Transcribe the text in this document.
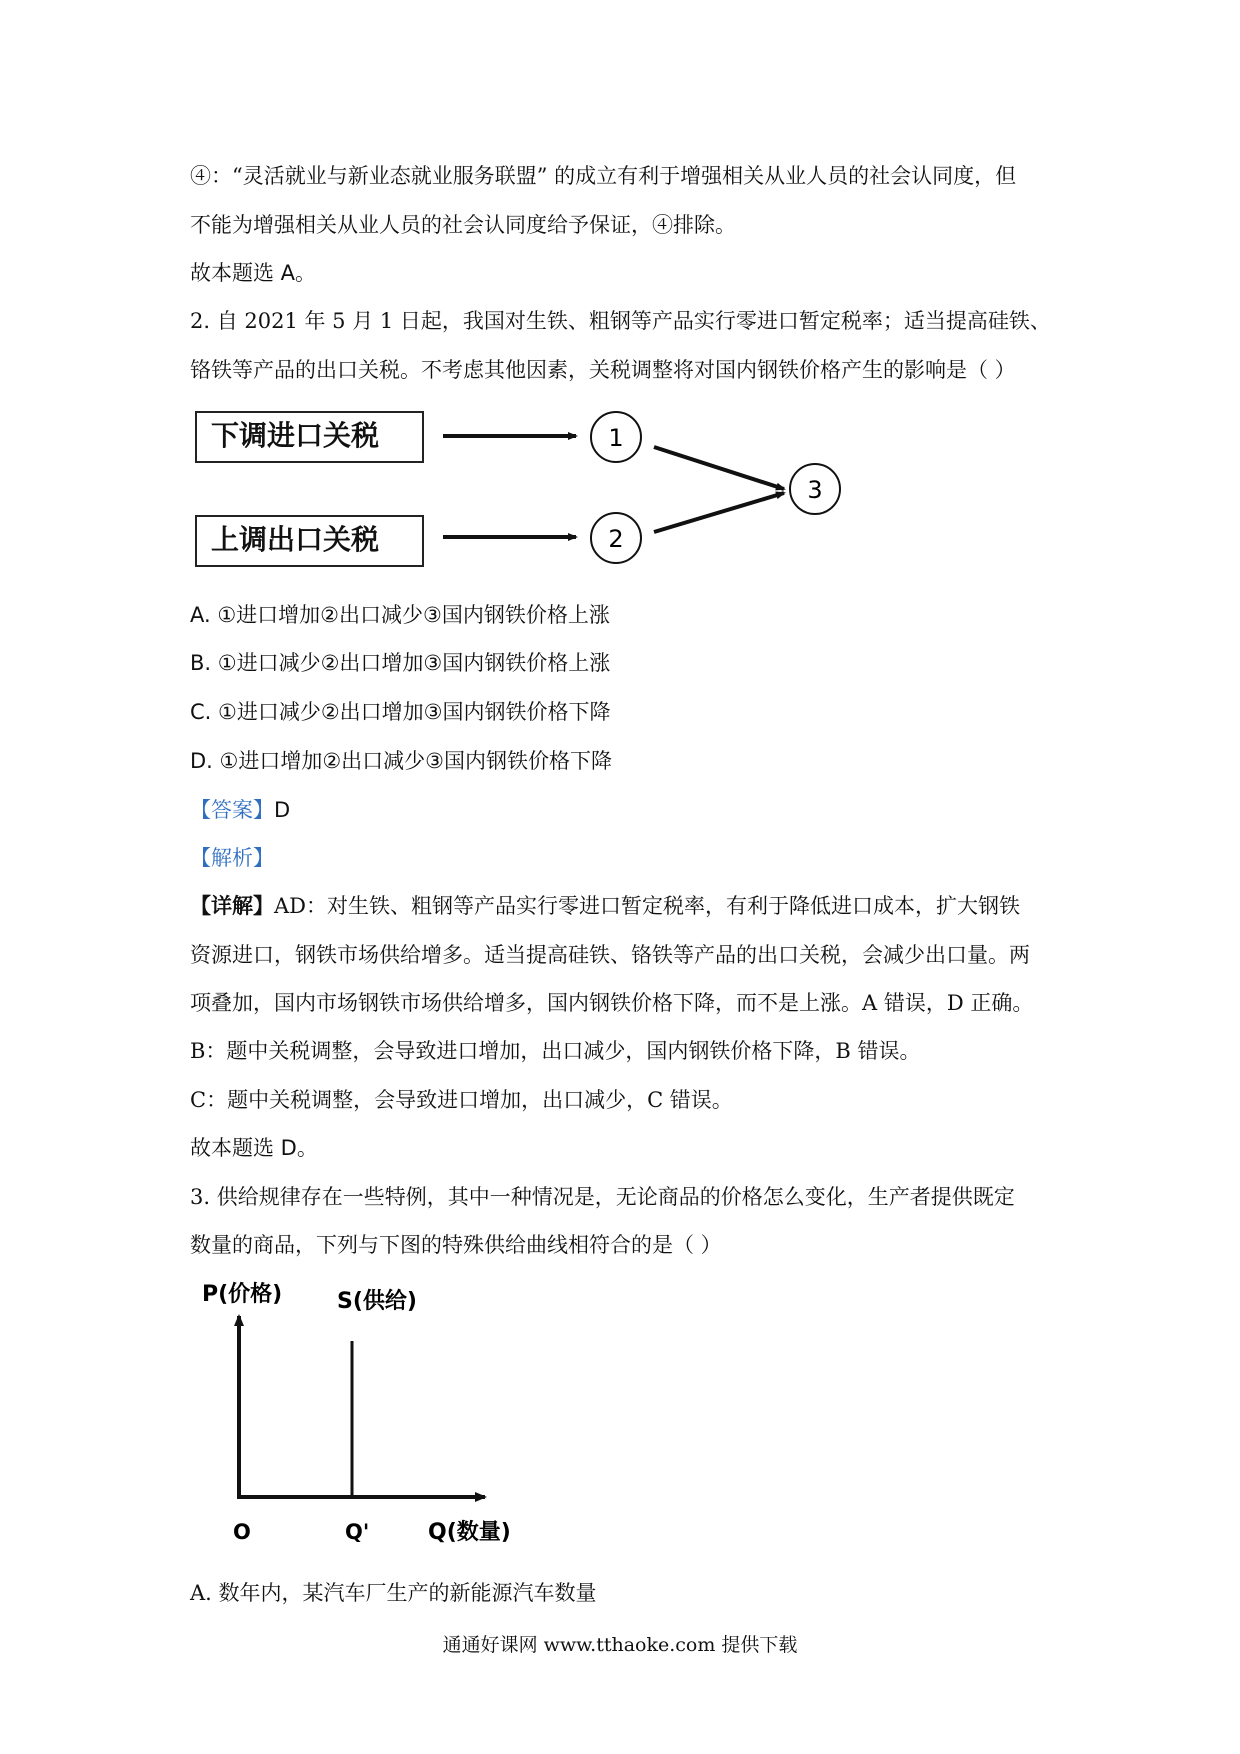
④：“灵活就业与新业态就业服务联盟” 的成立有利于增强相关从业人员的社会认同度，但
不能为增强相关从业人员的社会认同度给予保证，④排除。
故本题选 A。
2. 自 2021 年 5 月 1 日起，我国对生铁、粗钢等产品实行零进口暂定税率；适当提高硅铁、
铬铁等产品的出口关税。不考虑其他因素，关税调整将对国内钢铁价格产生的影响是（ ）
下调进口关税
上调出口关税
1
2
3
A. ①进口增加②出口减少③国内钢铁价格上涨
B. ①进口减少②出口增加③国内钢铁价格上涨
C. ①进口减少②出口增加③国内钢铁价格下降
D. ①进口增加②出口减少③国内钢铁价格下降
【答案】D
【解析】
【详解】AD：对生铁、粗钢等产品实行零进口暂定税率，有利于降低进口成本，扩大钢铁
资源进口，钢铁市场供给增多。适当提高硅铁、铬铁等产品的出口关税，会减少出口量。两
项叠加，国内市场钢铁市场供给增多，国内钢铁价格下降，而不是上涨。A 错误，D 正确。
B：题中关税调整，会导致进口增加，出口减少，国内钢铁价格下降，B 错误。
C：题中关税调整，会导致进口增加，出口减少，C 错误。
故本题选 D。
3. 供给规律存在一些特例，其中一种情况是，无论商品的价格怎么变化，生产者提供既定
数量的商品，下列与下图的特殊供给曲线相符合的是（ ）
P(价格) S(供给)
O	Q'	Q(数量)
A. 数年内，某汽车厂生产的新能源汽车数量
通通好课网 www.tthaoke.com 提供下载
